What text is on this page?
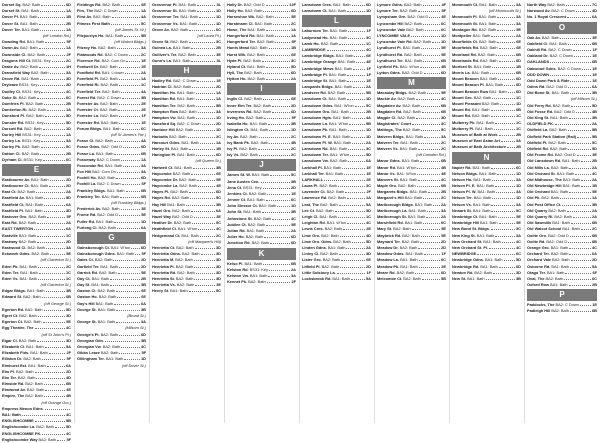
Dorset Sq. BA2: Bath	6D
Dorset St. BA1: Bath	1A
Dover Pl. BA1: Bath	1B
Dover St. BA1: Bath	2B
Dover Ter. BA1: Bath	1A
(off London Rd.)
Dowding Rd. BA1: Bath	5F
Down Av. BA2: Bath	1A
Downside Cl. BA2: Bath	2F
Dragons Hill Ct. BS31: Key	2C
Drake Av. BA2: Bath	1H
Dransfield Way BA2: Bath	3A
Drove Rd. BA1: Bath	3D
Dryleaze BS31: Key	2D
Dudley Cl. BS31: Key	4C
Duke St. BA2: Bath	6C
Dumfries Pl. BA2: Bath	2B
Dunkerton Ri. BA2: Bath	1A
Dunsford Pl. BA2: Bath	5D
Dunster Rd. BS31: Key	5D
Durcott Rd. BA2: Bath	1D
Durley Hill BS31: Key	1A
Durley La. BS31: Key	3A
Durley Pk. BA2: Bath	5C
Dutton Cl. BA2: Bath	2B
Dyrham Cl. BS31: Key	6C
E
Eastbourne Av. BA1: Bath	2D
Eastbourne Ct. BA1: Bath	2D
East Ct. BA2: Bath	2A
Eastfield Av. BA1: Bath	5D
Eastfield Ct. BA1: Bath	6A
Eastfield Pl. BA1: Bath	3D
Eastover Gro. BA2: Bath	5F
East Rd. BA2: Bath	2A
EAST TWERTON	6A
Eastville BA1: Bath	1C
Eastway BA2: Bath	2D
Eastwood Cl. BA2: Bath	3A
Eckweek Gdns. BA2: Bath	5E
(off Claverton St.)
Eden Pk. BA1: Bath	2C
Eden Ter. BA1: Bath	1C
Eden Vs. BA1: Bath	1C
(off Claverton St.)
Edgar Bldgs. BA1: Bath	3B
Edward St. BA2: Bath	6B
(off George St.)
Egerton Rd. BA2: Bath	5D
Egret Ct. BA2: Bath	3D
Egerton Ct. BA2: Bath	5E
Egg Theatre, The	4C
(off St John's Pl.)
Elgar Cl. BA2: Bath	3D
Elizabeth Cl. BA1: Bath	5A
Elizabeth Flds. BA1: Bath	2F
Elliston Dr. BA2: Bath	5F
Elmhurst Est. BA1: Bath	6A
Elm Pl. BA2: Bath	2D
Elm Ter. BA2: Bath	4D
Elmside Rd. BA2: Bath	6B
Elmwood Av. BA2: Bath	4E
Empire, The BA2: Bath	4B
(off Orange Gro.)
Empress Menon Edns.
BA1: Bath	4C
ENGLISHCOMBE	5B
Englishcombe La. BA2: Bath	5D
ENGLISHCOMBE PK.	4C
Englishcombe Way BA2: Bath	5F
Fieldings Rd. BA2: Bath	6E
Firs, The BA2: C Down	1A
First Av. BA2: Bath	4A
Fitness First Bath	5C
(off James St. W.)
Fitzjocelyn Ho. BA1: Bath	5B
(off Walcot Bldgs.)
Fitzroy Ho. BA2: Bath	3A
Flatwoods Rd. BA2: C Down	2C
Florence Rd. BA2: Com Dn	1E
Fontwell Dr. BA2: Bath	2E
Fordfield Rd. BA1: L'down	2A
Forefield Pl. BA2: Bath	1A
Forefield Ri. BA2: Bath	1C
Forefield Ter. BA2: Bath	4A
Forest Rd. BA2: C Down	3B
Forester Av. BA2: Bath	2E
Forester Ct. BA2: Bath	2E
Forester La. BA2: Bath	1F
Forester Rd. BA2: Bath	1E
Forum Bldgs. BA1: Bath	6C
(off St James's Par.)
Fosse Cl. BA2: Bath	4A
Fosse Gdns. BA2: Odd D	6D
Fosse La. BA1: Bath	6B
Fosseway BA2: C Down	1A
Foxcombe Rd. BA1: Bath	3A
Fox Hill BA2: Com Dn	3A
Foxhill Ho. BA2: Bath	6D
Foxhill La. BA2: C Down	6F
Frankley Bldgs. BA1: Bath	6B
Frankley Ter. BA1: Bath	6B
(off Frankley Bldgs.)
Frederick Av. BA2: Bath	3E
Frome Rd. BA2: Odd D	5E
Fuller Rd. BA1: Bath	1D
Furlong Cl. BA2: Bath	6A
G
Gainsborough Ct. BA1: W'ton	6D
Gainsborough Gdns. BA1: Bath 5F
Gales Ct. BA2: Bath	2D
Garfield Ter. BA1: Bath	2D
Garrick Rd. BA2: Bath	5E
Gay Ct. BA1: Bath	2B
Gay St. BA1: Bath	3B
Gaston Cl. BA2: Bath	6E
Gaston Ho. BA2: Bath	6E
Gay's Hill BA1: Bath	6A
George St. BA1: Bath	3B
(Broad St.)
George St. BA1: Bath	3A
(Milsom St.)
George's Pl. BA2: Bath	6D
Georgian Gdn.	3B
Georgian Vw. BA2: Bath	4C
Gibbs Leaze BA2: Bath	5F
Gillingham Ter. BA1: Bath	1D
(off Dover St.)
Grosvenor Pl. BA1: Bath	3L
Grosvenor St. BA1: Bath	1D
Grosvenor Ter. BA1: Bath	1D
Grosvenor Vs. BA1: Bath	1D
Grove Av. BA2: Bath	6C
(off Laura Pl.)
Grove St. BA2: Bath	3C
Guinea La. BA1: Bath	2B
Gulliver's Ter. BA2: Bath	3E
Gunn's La. BA1: Bath	3L
H
Hadley Rd. BA2: C Down	1E
Hadrian Cl. BA2: Bath	2D
Hamilton Ho. BA1: Bath	1A
Hamilton Rd. BA1: Bath	1A
Hamilton Ter. BA2: Bath	5B
Hampton Row BA2: Bath	3A
Hampton Vw. BA1: Bath	1D
Hansford Sq. BA2: C Down	2D
Hantone Hill BA2: Bath	1D
Harbutts BA2: Bath	2C
Harcourt Gdns. BA1: Bath	1A
Harley St. BA1: Bath	1B
Harington Pl. BA1: Bath	6D
(off Queen St.)
Hartwell Ct. BA1: Bath	3B
Haycombe BA2: Bath	6E
Haycombe Dr. BA2: Bath	5E
Haycombe La. BA2: Bath	4E
Hayes Pl. BA2: Bath	6D
Hayes Rd. BA2: Bath	5C
Hay Hill BA1: Bath	3B
Hazel Gro. BA2: Bath	6A
Hazel Way BA2: Odd D	3E
Heather Dr. BA2: Bath	5C
Heathfield Cl. BA1: W'ton	4C
Hedgemead Ct. BA1: Bath	2C
(off Margaret's Hill)
Henrietta Ct. BA2: Bath	3D
Henrietta Gdns. BA2: Bath	3D
Henrietta M. BA2: Bath	3D
Henrietta Pl. BA2: Bath	3D
Henrietta Rd. BA2: Bath	3D
Henrietta St. BA2: Bath	3D
Henrietta Vs. BA2: Bath	3E
Henry St. BA1: Bath	5C
Holly Dr. BA2: Odd D	12F
Holly Ho. BA2: Bath	6D
Horseshoe Wk. BA2: Bath	5E
Horstmann Cl. BA1: Bath	2C
Howe, The BA1: Bath	1A
Hungerford Rd. BA1: Bath	1A
Hungerford Ter. BA2: Bath	5F
Hunts Mead BA2: Bath	1B
Hurst Wlk. BA2: Bath	6E
Hyde Pl. BA2: Bath	3C
Hyland Ct. BA1: Bath	5D
Hyll, The BA2: Bath	6D
Hylton Ho. BA2: Bath	2A
I
Inglis Cl. BA2: Bath	6E
Inner Elm Ter. BA2: Bath	2D
Inverness Rd. BA2: Bath	6D
Irving Ho. BA2: Bath	5F
Isabella Ho. BA1: Bath	3B
Islington Ct. BA1: Bath	1D
Ivy Av. BA2: Bath	2C
Ivy Bank Pk. BA2: Bath	4B
Ivy Pl. BA2: Bath	2C
Ivy Vs. BA2: Bath	2C
J
James St. W. BA1: Bath	5C
Jane Austen Cen.	3B
Jena Ct. BS31: Key	2D
Jenkins Ct. BA2: Bath	1E
Jenner Ct. BA1: Bath	6C
John Slessor Ct. BA1: Bath	1D
John St. BA1: Bath	3B
Johnstone St. BA2: Bath	4C
Jubilee Ct. BA2: Bath	5E
Julian Rd. BA1: Bath	2A
Julier Ho. BA2: Bath	6D
Junction Rd. BA2: Bath	6D
K
Kelso Pl. BA1: Bath	6B
Kelston Rd. BS31: Key	2A
Kelston Vw. BA1: Bath	3A
Kennet Pk. BA2: Bath	2F
Lansdown Cres. BA1: Bath	6D
Lansdown Ct. BA1: Bath	1D
L
Laburnum Ter. BA1: Bath	1F
Ladymead Ho. BA1: Bath	3C
Lamb Ho. BA2: Bath	1C
LAMBRIDGE	4C
Lambridge Bldgs. BA1: Bath	6E
Lambridge Grange BA1: Bath	4E
Lambridge Mews BA1: Bath	1F
Lambridge Pl. BA1: Bath	1F
Lambridge St. BA1: Bath	1E
Lampards Bldgs. BA1: Bath	2A
Landseer Rd. BA2: Bath	5B
Lansdown Ct. BA1: Bath	1D
Lansdown Gdns. BA1: W'ton	5C
Lansdown Gro. BA1: Bath	2B
Lansdown Hgts. BA1: Bath	4A
Lansdown La. BA1: W'ton	5B
Lansdown Pk. BA1: Bath	1D
Lansdown Pl. E. BA1: Bath	1D
Lansdown Pl. W. BA1: Bath	2A
Lansdown Rd. BA1: Bath	3C
Lansdown Ter. BA1: W'ton	5D
Lansdown Vw. BA2: Bath	6A
Larkhall Pl. BA1: Bath	1E
Larkhall Ter. BA1: Bath	1E
LARKHALL	2E
Laura Pl. BA2: Bath	3C
Lavender Ct. BA2: Bath	2F
Lawrence Rd. BA2: Bath	1A
Leat, The BA2: Bath	5A
Lee Ct. BA2: Bath	3D
Leigh Cl. BA1: Bath	1C
Leighton Rd. BA1: W'ton	4C
Lewis Cres. BA2: Bath	2E
Lime Gro. BA2: Bath	4D
Lime Gro. Gdns. BA2: Bath	5D
Linden Gdns. BA1: Bath	2A
Linley Cl. BA2: Bath	3D
Lister Gro. BA2: Bath	6E
Litfield Pl. BA2: Bath	2D
Little Solsbury La.	1F
Locksbrook Rd. BA1: Bath	5A
Lymore Gdns. BA2: Bath	4F
Lymore Ter. BA2: Bath	5F
Lympsham Grn. BA2: Odd D	4E
Lyncombe Hill BA2: Bath	6C
Lyncombe Vale BA2: Bath	6C
LYNCOMBE VALE	1D
Lyncombe Vale Rd. BA2: Bath	1D
Lyndhurst Pl. BA1: Bath	5E
Lyndhurst Rd. BA2: Bath	5E
Lyndhurst Ter. BA1: Bath	6B
Lynfield Pk. BA1: W'ton	4B
Lytton Gdns. BA2: Odd D	6D
M
Macaulay Bldgs. BA2: Bath	5E
Mackie Av. BA2: Bath	4C
Magdalen Av. BA2: Bath	6B
Magdalen Rd. BA2: Bath	6B
Magpie Cl. BA2: Bath	3D
Magistrates' Court	3C
Maltings, The BA2: Bath	5C
Malvern Bldgs. BA1: Bath	3A
Malvern Ter. BA1: Bath	2C
Malvern Vs. BA1: Bath	2C
(off Camden Rd.)
Manor Gdns. BA1: Bath	6B
Manor Rd. BA1: W'ton	4B
Manor Vs. BA1: W'ton	4E
Manvers St. BA1: Bath	4C
Maple Gro. BA2: Bath	6B
Margarets Bldgs. BA1: Bath	2B
Margaret's Hill BA1: Bath	2C
Marlborough Bldgs. BA1: Bath 2A
Marlborough La. BA1: Bath	3A
Marlborough St. BA1: Bath	2A
Marshfield Rd. BA1: Bath	6C
Mary St. BA2: Bath	5E
Maybrick Rd. BA2: Bath	5E
Maynard Ter. BA2: Bath	2D
Meadow Dr. BA2: Bath	2D
Meadow Gdns. BA1: Bath	1F
Meadow La. BA1: Bath	6C
Meadow Pk. BA1: Bath	2E
Meare Rd. BA2: Bath	6D
Melcombe Ct. BA2: Bath	5B
Monmouth Ct. BA1: Bath	3A
(off Monmouth St.)
Monmouth Pl. BA1: Bath	3A
Monmouth St. BA1: Bath	3A
Montague Rd. BA2: Bath	5E
Montpelier BA1: Bath	2A
Moorfields Ct. BA2: Bath	6E
Moorfields Rd. BA2: Bath	6E
Moorland Rd. BA2: Bath	6B
Moorlands Rd. BA2: Bath	6D
Morford St. BA1: Bath	1B
Morris La. BA1: Bath	6B
Mount Beacon BA1: Bath	6D
Mount Beacon Pl. BA1: Bath	6D
Mount Beacon Row BA1: Bath 6D
Mount Gro. BA2: Bath	1C
Mount Pleasant BA2: Bath	1D
Mount Rd. BA1: Bath	6B
Mount Rd. BA2: Bath	1C
Mulberry Pk. BA1: Bath	1C
Mulberry Pl. BA1: Bath	1C
Museum of Bath at Work	2B
Museum of East Asian Art	3A
Museum of Bath Architecture	2B
N
Napier Rd. BA1: Bath	6C
Nelson Bldgs. BA1: Bath	1D
Nelson Ho. BA1: Bath	3A
Nelson Pl. E. BA1: Bath	1D
Nelson Pl. W. BA1: Bath	3A
Nelson Ter. BA1: Bath	1D
Nelson Vs. BA1: Bath	3A
Newark St. BA1: Bath	5C
Newbridge Ct. BA1: Bath	5E
Newbridge Hill BA1: Bath	5E
New Bond St. Bldgs.	3C
New King St. BA1: Bath	3A
New Orchard St. BA1: Bath	4C
New Orchard St. Pl.	4C
NEWBRIDGE	6C
Newbridge Gdns. BA1: Bath	5D
Newbridge Rd. BA1: Bath	6D
Newton Rd. BA2: Bath	3D
New St. BA1: Bath	3B
North Way BA2: Bath	7C
Norwood Av. BA2: C Down	4D
No. 1 Royal Crescent	6A
O
Oak Av. BA2: Bath	3E
Oakfield Cl. BA1: Bath	6B
Oakhill Rd. BA2: C Down	1F
Oakland Dr. BA2: C Down	1E
OAKLANDS	6B
Oakwood Gdns. BA2: C Down	1E
ODD DOWN	1E
Odd Down Park & Ride	1E
Odins Rd. BA2: Odd D	6A
Old Bond St. BA1: Bath	3B
(off Milsom St.)
Old Ferry Rd. BA2: Bath	5D
Old Fosse Rd. BA2: Odd D	4B
Old King St. BA1: Bath	3B
OLDFIELD PK.	2A
Oldfield La. BA2: Bath	5B
Oldfield Park Station (Rail)	5B
Oldfield Pl. BA2: Bath	5C
Oldfield Rd. BA2: Bath	5D
Old Frome Rd. BA2: Odd D	3E
Old Lansdown Rd. BA1: Bath	2B
Old Mills La. BA2: Bath	2A
Old Orchard St. BA1: Bath	4C
Old Midhouse, The BA1: Bath	2A
Old Newbridge Hill BA1: Bath	1B
Old Orchard BA1: Bath	5E
Old Pk. BA2: Bath	1A
Old Post Office Ct.	3B
Old Quarry BA2: Bath	2A
Old Quarry Ri. BA2: Bath	2A
Old Sawmills BA1: Bath	6B
Old Walcot School BA1: Bath	2C
Oolite Gro. BA2: Odd D	6B
Oolite Rd. BA2: Odd D	6B
Orange Gro. BA1: Bath	4C
Orchard Ter. BA2: Bath	6A
Orchard Vale BA2: Bath	2D
Osborne Rd. BA1: Bath	5A
Otago Ter. BA1: Bath	6F
Oval, The BA2: Bath	6C
Oxford Row BA1: Bath	2B
P
Paddocks, The BA2: C Down	1E
Padleigh Hill BA2: Bath	6B
